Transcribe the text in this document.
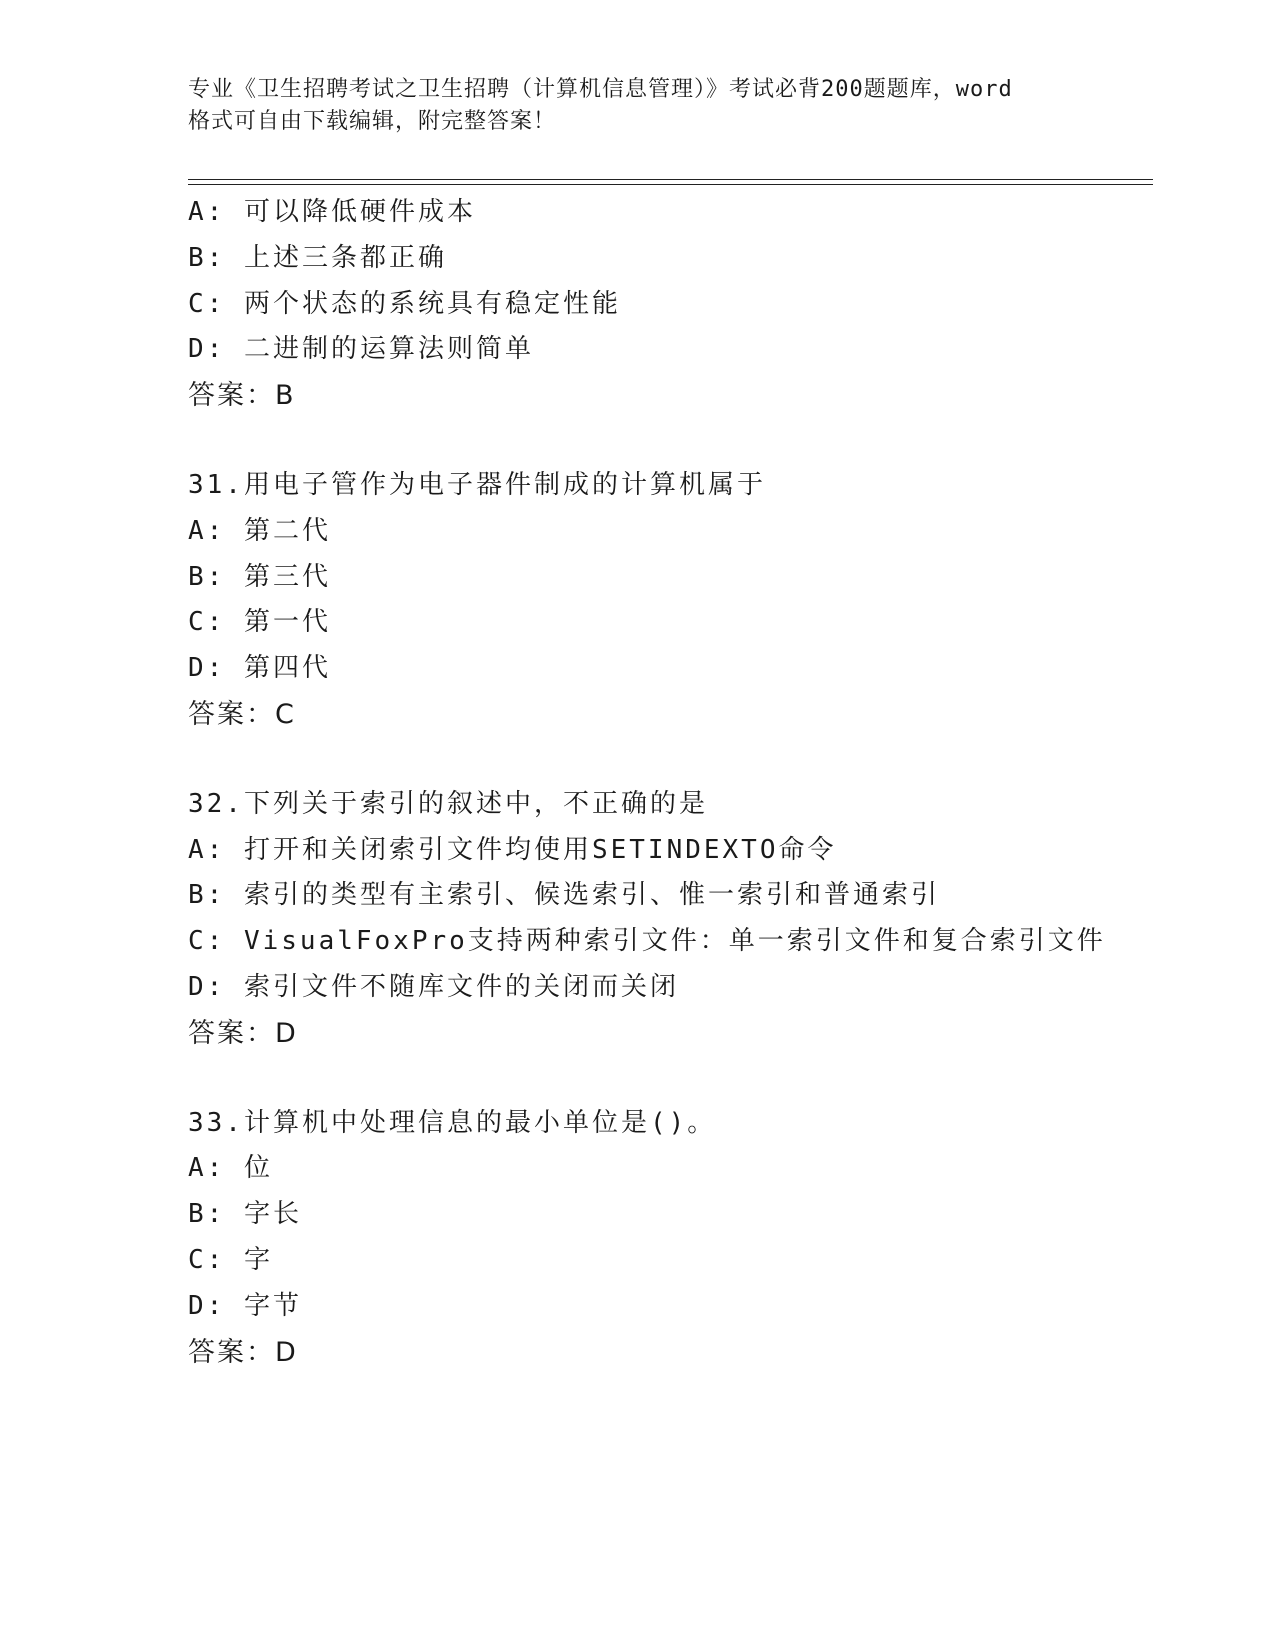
专业《卫生招聘考试之卫生招聘（计算机信息管理）》考试必背200题题库，word
格式可自由下载编辑，附完整答案！
A: 可以降低硬件成本
B: 上述三条都正确
C: 两个状态的系统具有稳定性能
D: 二进制的运算法则简单
答案：B
31.用电子管作为电子器件制成的计算机属于
A: 第二代
B: 第三代
C: 第一代
D: 第四代
答案：C
32.下列关于索引的叙述中，不正确的是
A: 打开和关闭索引文件均使用SETINDEXTO命令
B: 索引的类型有主索引、候选索引、惟一索引和普通索引
C: VisualFoxPro支持两种索引文件：单一索引文件和复合索引文件
D: 索引文件不随库文件的关闭而关闭
答案：D
33.计算机中处理信息的最小单位是()。
A: 位
B: 字长
C: 字
D: 字节
答案：D
